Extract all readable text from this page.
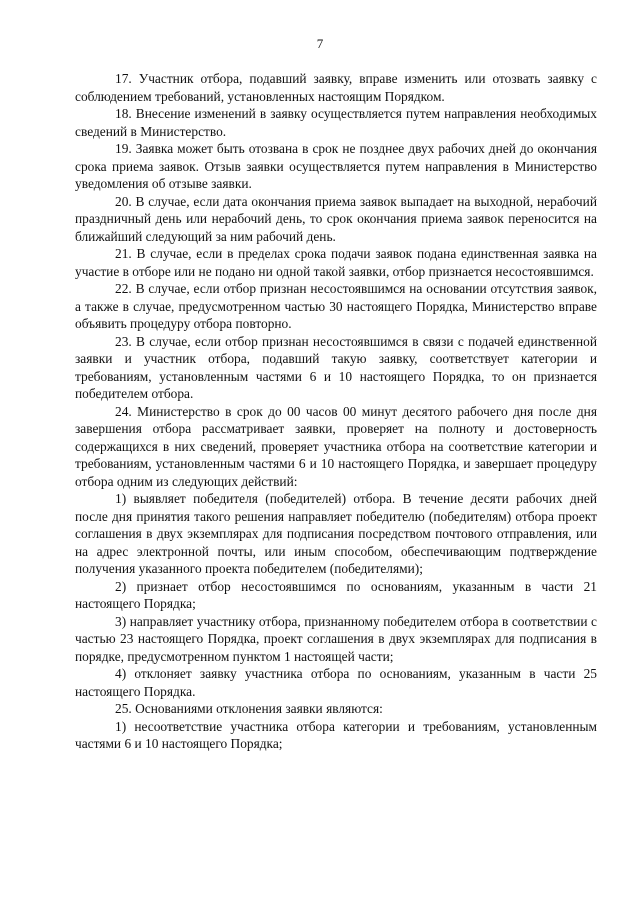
7

17. Участник отбора, подавший заявку, вправе изменить или отозвать заявку с соблюдением требований, установленных настоящим Порядком.

18. Внесение изменений в заявку осуществляется путем направления необходимых сведений в Министерство.

19. Заявка может быть отозвана в срок не позднее двух рабочих дней до окончания срока приема заявок. Отзыв заявки осуществляется путем направления в Министерство уведомления об отзыве заявки.

20. В случае, если дата окончания приема заявок выпадает на выходной, нерабочий праздничный день или нерабочий день, то срок окончания приема заявок переносится на ближайший следующий за ним рабочий день.

21. В случае, если в пределах срока подачи заявок подана единственная заявка на участие в отборе или не подано ни одной такой заявки, отбор признается несостоявшимся.

22. В случае, если отбор признан несостоявшимся на основании отсутствия заявок, а также в случае, предусмотренном частью 30 настоящего Порядка, Министерство вправе объявить процедуру отбора повторно.

23. В случае, если отбор признан несостоявшимся в связи с подачей единственной заявки и участник отбора, подавший такую заявку, соответствует категории и требованиям, установленным частями 6 и 10 настоящего Порядка, то он признается победителем отбора.

24. Министерство в срок до 00 часов 00 минут десятого рабочего дня после дня завершения отбора рассматривает заявки, проверяет на полноту и достоверность содержащихся в них сведений, проверяет участника отбора на соответствие категории и требованиям, установленным частями 6 и 10 настоящего Порядка, и завершает процедуру отбора одним из следующих действий:

1) выявляет победителя (победителей) отбора. В течение десяти рабочих дней после дня принятия такого решения направляет победителю (победителям) отбора проект соглашения в двух экземплярах для подписания посредством почтового отправления, или на адрес электронной почты, или иным способом, обеспечивающим подтверждение получения указанного проекта победителем (победителями);

2) признает отбор несостоявшимся по основаниям, указанным в части 21 настоящего Порядка;

3) направляет участнику отбора, признанному победителем отбора в соответствии с частью 23 настоящего Порядка, проект соглашения в двух экземплярах для подписания в порядке, предусмотренном пунктом 1 настоящей части;

4) отклоняет заявку участника отбора по основаниям, указанным в части 25 настоящего Порядка.

25. Основаниями отклонения заявки являются:

1) несоответствие участника отбора категории и требованиям, установленным частями 6 и 10 настоящего Порядка;
